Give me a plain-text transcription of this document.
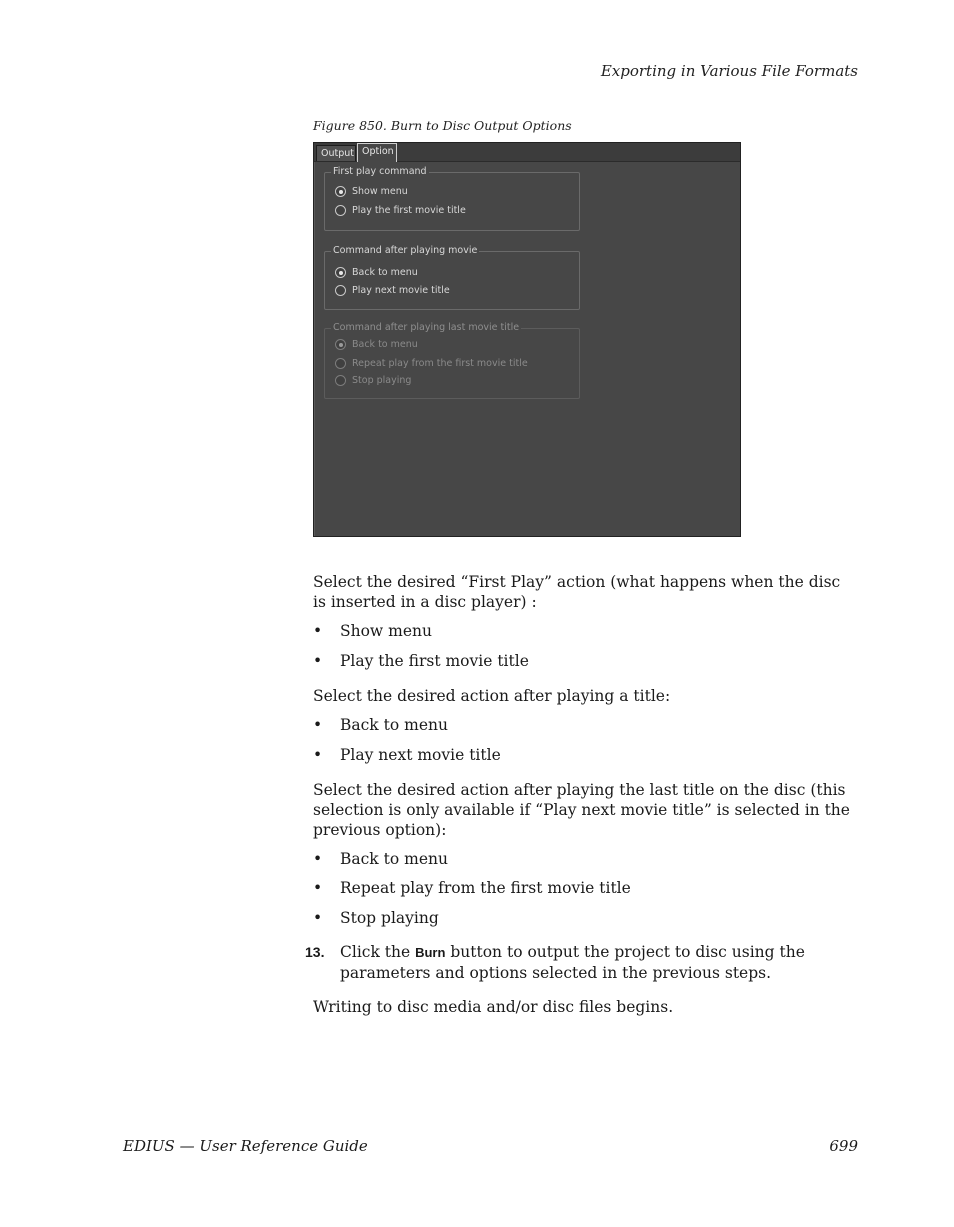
Exporting in Various File Formats
Figure 850. Burn to Disc Output Options
Output Option
First play command
Show menu
Play the first movie title
Command after playing movie
Back to menu
Play next movie title
Command after playing last movie title
Back to menu
Repeat play from the first movie title
Stop playing
Select the desired “First Play” action (what happens when the disc is inserted in a disc player) :
• Show menu
• Play the first movie title
Select the desired action after playing a title:
• Back to menu
• Play next movie title
Select the desired action after playing the last title on the disc (this selection is only available if “Play next movie title” is selected in the previous option):
• Back to menu
• Repeat play from the first movie title
• Stop playing
13. Click the Burn button to output the project to disc using the parameters and options selected in the previous steps.
Writing to disc media and/or disc files begins.
EDIUS — User Reference Guide	699
